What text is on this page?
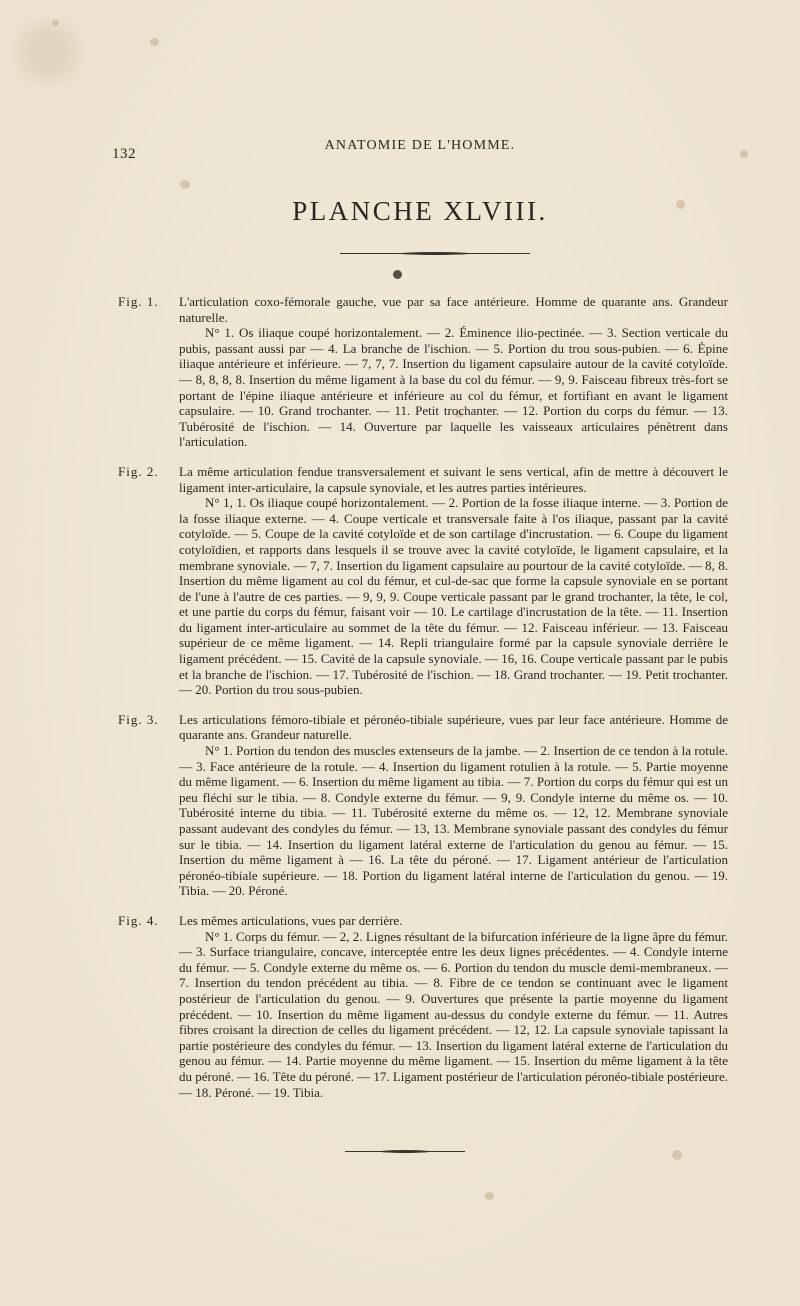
132
ANATOMIE DE L'HOMME.
PLANCHE XLVIII.
Fig. 1. L'articulation coxo-fémorale gauche, vue par sa face antérieure. Homme de quarante ans. Grandeur naturelle.

N° 1. Os iliaque coupé horizontalement. — 2. Éminence ilio-pectinée. — 3. Section verticale du pubis, passant aussi par — 4. La branche de l'ischion. — 5. Portion du trou sous-pubien. — 6. Épine iliaque antérieure et inférieure. — 7, 7, 7. Insertion du ligament capsulaire autour de la cavité cotyloïde. — 8, 8, 8, 8. Insertion du même ligament à la base du col du fémur. — 9, 9. Faisceau fibreux très-fort se portant de l'épine iliaque antérieure et inférieure au col du fémur, et fortifiant en avant le ligament capsulaire. — 10. Grand trochanter. — 11. Petit trochanter. — 12. Portion du corps du fémur. — 13. Tubérosité de l'ischion. — 14. Ouverture par laquelle les vaisseaux articulaires pénètrent dans l'articulation.

Fig. 2. La même articulation fendue transversalement et suivant le sens vertical, afin de mettre à découvert le ligament inter-articulaire, la capsule synoviale, et les autres parties intérieures.

N° 1, 1. Os iliaque coupé horizontalement. — 2. Portion de la fosse iliaque interne. — 3. Portion de la fosse iliaque externe. — 4. Coupe verticale et transversale faite à l'os iliaque, passant par la cavité cotyloïde. — 5. Coupe de la cavité cotyloïde et de son cartilage d'incrustation. — 6. Coupe du ligament cotyloïdien, et rapports dans lesquels il se trouve avec la cavité cotyloïde, le ligament capsulaire, et la membrane synoviale. — 7, 7. Insertion du ligament capsulaire au pourtour de la cavité cotyloïde. — 8, 8. Insertion du même ligament au col du fémur, et cul-de-sac que forme la capsule synoviale en se portant de l'une à l'autre de ces parties. — 9, 9, 9. Coupe verticale passant par le grand trochanter, la tête, le col, et une partie du corps du fémur, faisant voir — 10. Le cartilage d'incrustation de la tête. — 11. Insertion du ligament inter-articulaire au sommet de la tête du fémur. — 12. Faisceau inférieur. — 13. Faisceau supérieur de ce même ligament. — 14. Repli triangulaire formé par la capsule synoviale derrière le ligament précédent. — 15. Cavité de la capsule synoviale. — 16, 16. Coupe verticale passant par le pubis et la branche de l'ischion. — 17. Tubérosité de l'ischion. — 18. Grand trochanter. — 19. Petit trochanter. — 20. Portion du trou sous-pubien.

Fig. 3. Les articulations fémoro-tibiale et péronéo-tibiale supérieure, vues par leur face antérieure. Homme de quarante ans. Grandeur naturelle.

N° 1. Portion du tendon des muscles extenseurs de la jambe. — 2. Insertion de ce tendon à la rotule. — 3. Face antérieure de la rotule. — 4. Insertion du ligament rotulien à la rotule. — 5. Partie moyenne du même ligament. — 6. Insertion du même ligament au tibia. — 7. Portion du corps du fémur qui est un peu fléchi sur le tibia. — 8. Condyle externe du fémur. — 9, 9. Condyle interne du même os. — 10. Tubérosité interne du tibia. — 11. Tubérosité externe du même os. — 12, 12. Membrane synoviale passant audevant des condyles du fémur. — 13, 13. Membrane synoviale passant des condyles du fémur sur le tibia. — 14. Insertion du ligament latéral externe de l'articulation du genou au fémur. — 15. Insertion du même ligament à — 16. La tête du péroné. — 17. Ligament antérieur de l'articulation péronéo-tibiale supérieure. — 18. Portion du ligament latéral interne de l'articulation du genou. — 19. Tibia. — 20. Péroné.

Fig. 4. Les mêmes articulations, vues par derrière.

N° 1. Corps du fémur. — 2, 2. Lignes résultant de la bifurcation inférieure de la ligne âpre du fémur. — 3. Surface triangulaire, concave, interceptée entre les deux lignes précédentes. — 4. Condyle interne du fémur. — 5. Condyle externe du même os. — 6. Portion du tendon du muscle demi-membraneux. — 7. Insertion du tendon précédent au tibia. — 8. Fibre de ce tendon se continuant avec le ligament postérieur de l'articulation du genou. — 9. Ouvertures que présente la partie moyenne du ligament précédent. — 10. Insertion du même ligament au-dessus du condyle externe du fémur. — 11. Autres fibres croisant la direction de celles du ligament précédent. — 12, 12. La capsule synoviale tapissant la partie postérieure des condyles du fémur. — 13. Insertion du ligament latéral externe de l'articulation du genou au fémur. — 14. Partie moyenne du même ligament. — 15. Insertion du même ligament à la tête du péroné. — 16. Tête du péroné. — 17. Ligament postérieur de l'articulation péronéo-tibiale postérieure. — 18. Péroné. — 19. Tibia.
